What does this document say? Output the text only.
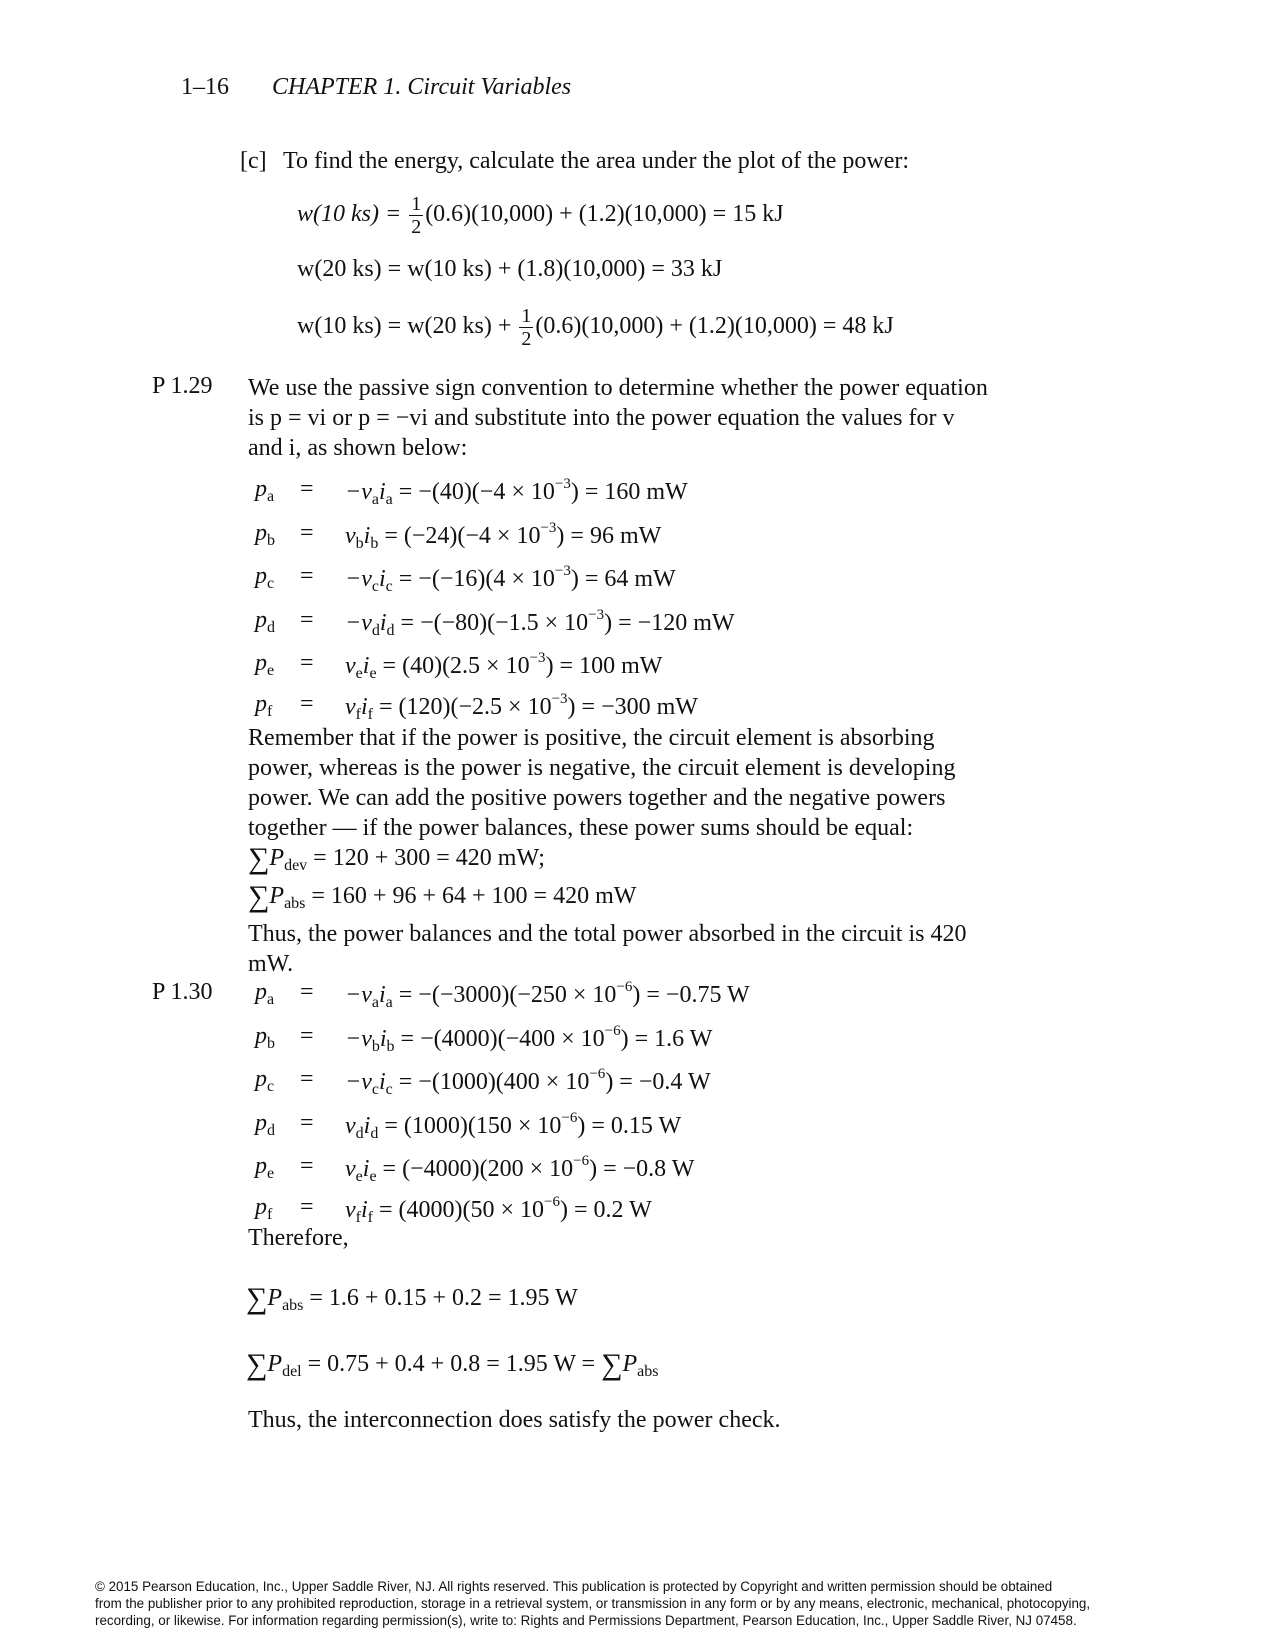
1–16 CHAPTER 1. Circuit Variables
[c] To find the energy, calculate the area under the plot of the power:
w(10 $ks) = \frac{1}{2} (0.6)(10,000) + (1.2)(10,000) = 15$ kJ
w(20 ks) = w(10 ks) + (1.8)(10,000) = 33 kJ
w(10 ks) = w(20 $ks) + \frac{1}{2} (0.6)(10,000) + (1.2)(10,000) = 48$ kJ
P 1.29 We use the passive sign convention to determine whether the power equation
is p = vi or p = −vi and substitute into the power equation the values for v
and i, as shown below:
$p_a = -v_ai_a = -(40)(-4 \times 10^{-3}) = 160$ mW
$p_b = v_bi_b = (-24)(-4 \times 10^{-3}) = 96$ mW
$p_c = -v_ci_c = -(-16)(4 \times 10^{-3}) = 64$ mW
$p_d = -v_di_d = -(-80)(-1.5 \times 10^{-3}) = -120$ mW
$p_e = v_ei_e = (40)(2.5 \times 10^{-3}) = 100$ mW
$p_f = v_fi_f = (120)(-2.5 \times 10^{-3}) = -300$ mW
Remember that if the power is positive, the circuit element is absorbing
power, whereas is the power is negative, the circuit element is developing
power. We can add the positive powers together and the negative powers
together — if the power balances, these power sums should be equal:
$\sum P_{dev} = 120 + 300 = 420$ mW;
$\sum P_{abs} = 160 + 96 + 64 + 100 = 420$ mW
Thus, the power balances and the total power absorbed in the circuit is 420
mW.
P 1.30 $p_a = -v_ai_a = -(-3000)(-250 \times 10^{-6}) = -0.75$ W
$p_b = -v_bi_b = -(4000)(-400 \times 10^{-6}) = 1.6$ W
$p_c = -v_ci_c = -(1000)(400 \times 10^{-6}) = -0.4$ W
$p_d = v_di_d = (1000)(150 \times 10^{-6}) = 0.15$ W
$p_e = v_ei_e = (-4000)(200 \times 10^{-6}) = -0.8$ W
$p_f = v_fi_f = (4000)(50 \times 10^{-6}) = 0.2$ W
Therefore,
$\sum P_{abs} = 1.6 + 0.15 + 0.2 = 1.95$ W
$\sum P_{del} = 0.75 + 0.4 + 0.8 = 1.95$ $W = \sum P_{abs}$
Thus, the interconnection does satisfy the power check.
© 2015 Pearson Education, Inc., Upper Saddle River, NJ. All rights reserved. This publication is protected by Copyright and written permission should be obtained
from the publisher prior to any prohibited reproduction, storage in a retrieval system, or transmission in any form or by any means, electronic, mechanical, photocopying,
recording, or likewise. For information regarding permission(s), write to: Rights and Permissions Department, Pearson Education, Inc., Upper Saddle River, NJ 07458.
